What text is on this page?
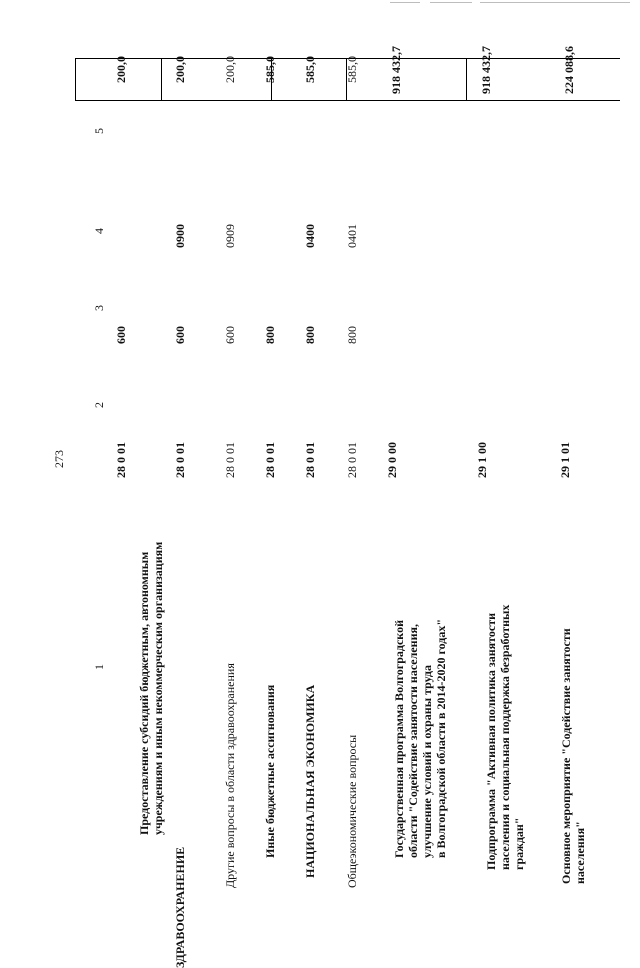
273
5
4
3
2
1	Предоставление субсидий бюджетным, автономным учреждениям и иным некоммерческим организациям
28 0 01
600
200,0
ЗДРАВООХРАНЕНИЕ
28 0 01
600
0900
200,0
Другие вопросы в области здравоохранения
28 0 01
600
0909
200,0
Иные бюджетные ассигнования
28 0 01
800
585,0
НАЦИОНАЛЬНАЯ ЭКОНОМИКА
28 0 01
800
0400
585,0
Общеэкономические вопросы
28 0 01
800
0401
585,0
Государственная программа Волгоградской области "Содействие занятости населения, улучшение условий и охраны труда в Волгоградской области в 2014-2020 годах"
29 0 00
918 432,7
Подпрограмма "Активная политика занятости населения и социальная поддержка безработных граждан"
29 1 00
918 432,7
Основное мероприятие "Содействие занятости населения"
29 1 01
224 088,6
